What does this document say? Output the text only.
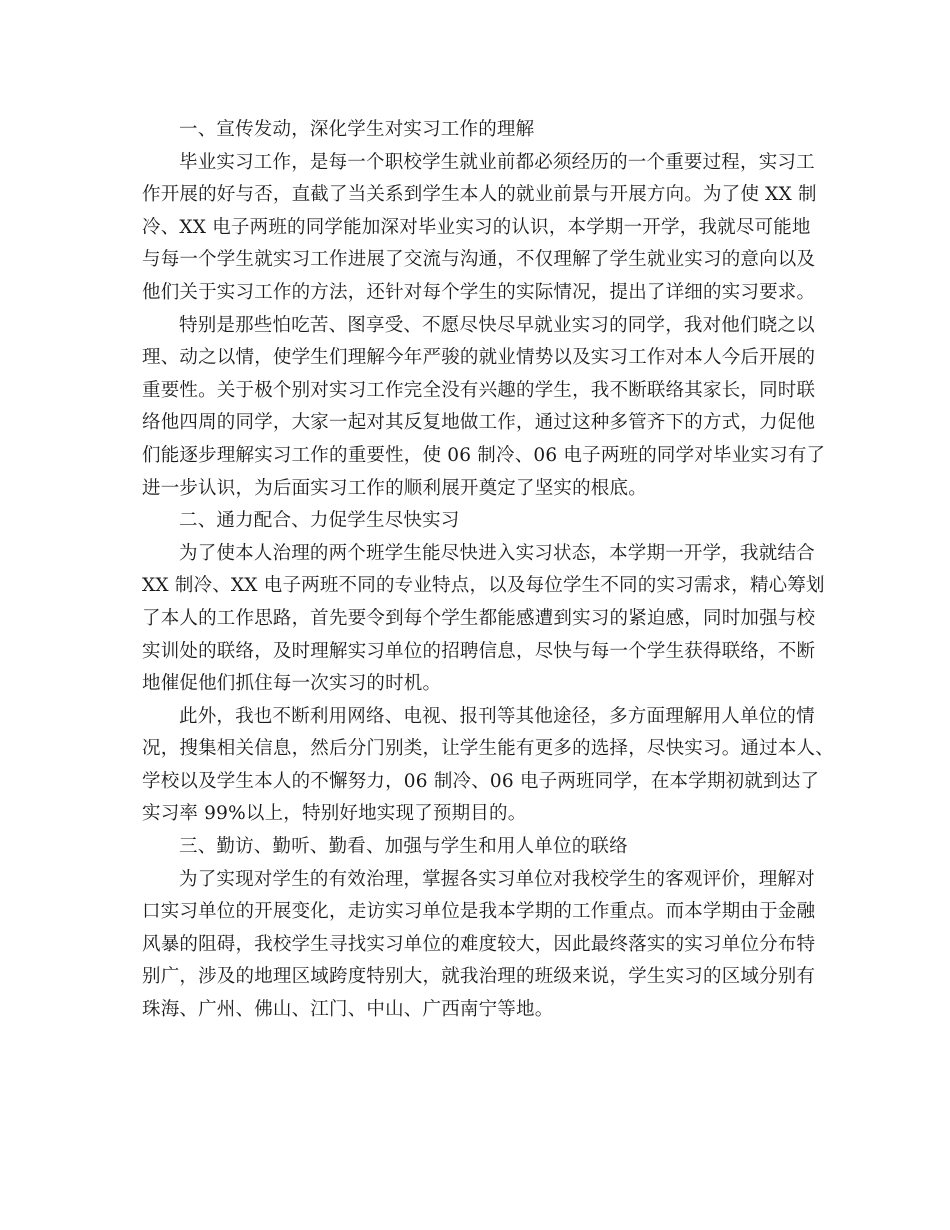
一、宣传发动，深化学生对实习工作的理解
毕业实习工作，是每一个职校学生就业前都必须经历的一个重要过程，实习工
作开展的好与否，直截了当关系到学生本人的就业前景与开展方向。为了使 XX 制
冷、XX 电子两班的同学能加深对毕业实习的认识，本学期一开学，我就尽可能地
与每一个学生就实习工作进展了交流与沟通，不仅理解了学生就业实习的意向以及
他们关于实习工作的方法，还针对每个学生的实际情况，提出了详细的实习要求。
特别是那些怕吃苦、图享受、不愿尽快尽早就业实习的同学，我对他们晓之以
理、动之以情，使学生们理解今年严骏的就业情势以及实习工作对本人今后开展的
重要性。关于极个别对实习工作完全没有兴趣的学生，我不断联络其家长，同时联
络他四周的同学，大家一起对其反复地做工作，通过这种多管齐下的方式，力促他
们能逐步理解实习工作的重要性，使 06 制冷、06 电子两班的同学对毕业实习有了
进一步认识，为后面实习工作的顺利展开奠定了坚实的根底。
二、通力配合、力促学生尽快实习
为了使本人治理的两个班学生能尽快进入实习状态，本学期一开学，我就结合
XX 制冷、XX 电子两班不同的专业特点，以及每位学生不同的实习需求，精心筹划
了本人的工作思路，首先要令到每个学生都能感遭到实习的紧迫感，同时加强与校
实训处的联络，及时理解实习单位的招聘信息，尽快与每一个学生获得联络，不断
地催促他们抓住每一次实习的时机。
此外，我也不断利用网络、电视、报刊等其他途径，多方面理解用人单位的情
况，搜集相关信息，然后分门别类，让学生能有更多的选择，尽快实习。通过本人、
学校以及学生本人的不懈努力，06 制冷、06 电子两班同学，在本学期初就到达了
实习率 99%以上，特别好地实现了预期目的。
三、勤访、勤听、勤看、加强与学生和用人单位的联络
为了实现对学生的有效治理，掌握各实习单位对我校学生的客观评价，理解对
口实习单位的开展变化，走访实习单位是我本学期的工作重点。而本学期由于金融
风暴的阻碍，我校学生寻找实习单位的难度较大，因此最终落实的实习单位分布特
别广，涉及的地理区域跨度特别大，就我治理的班级来说，学生实习的区域分别有
珠海、广州、佛山、江门、中山、广西南宁等地。
